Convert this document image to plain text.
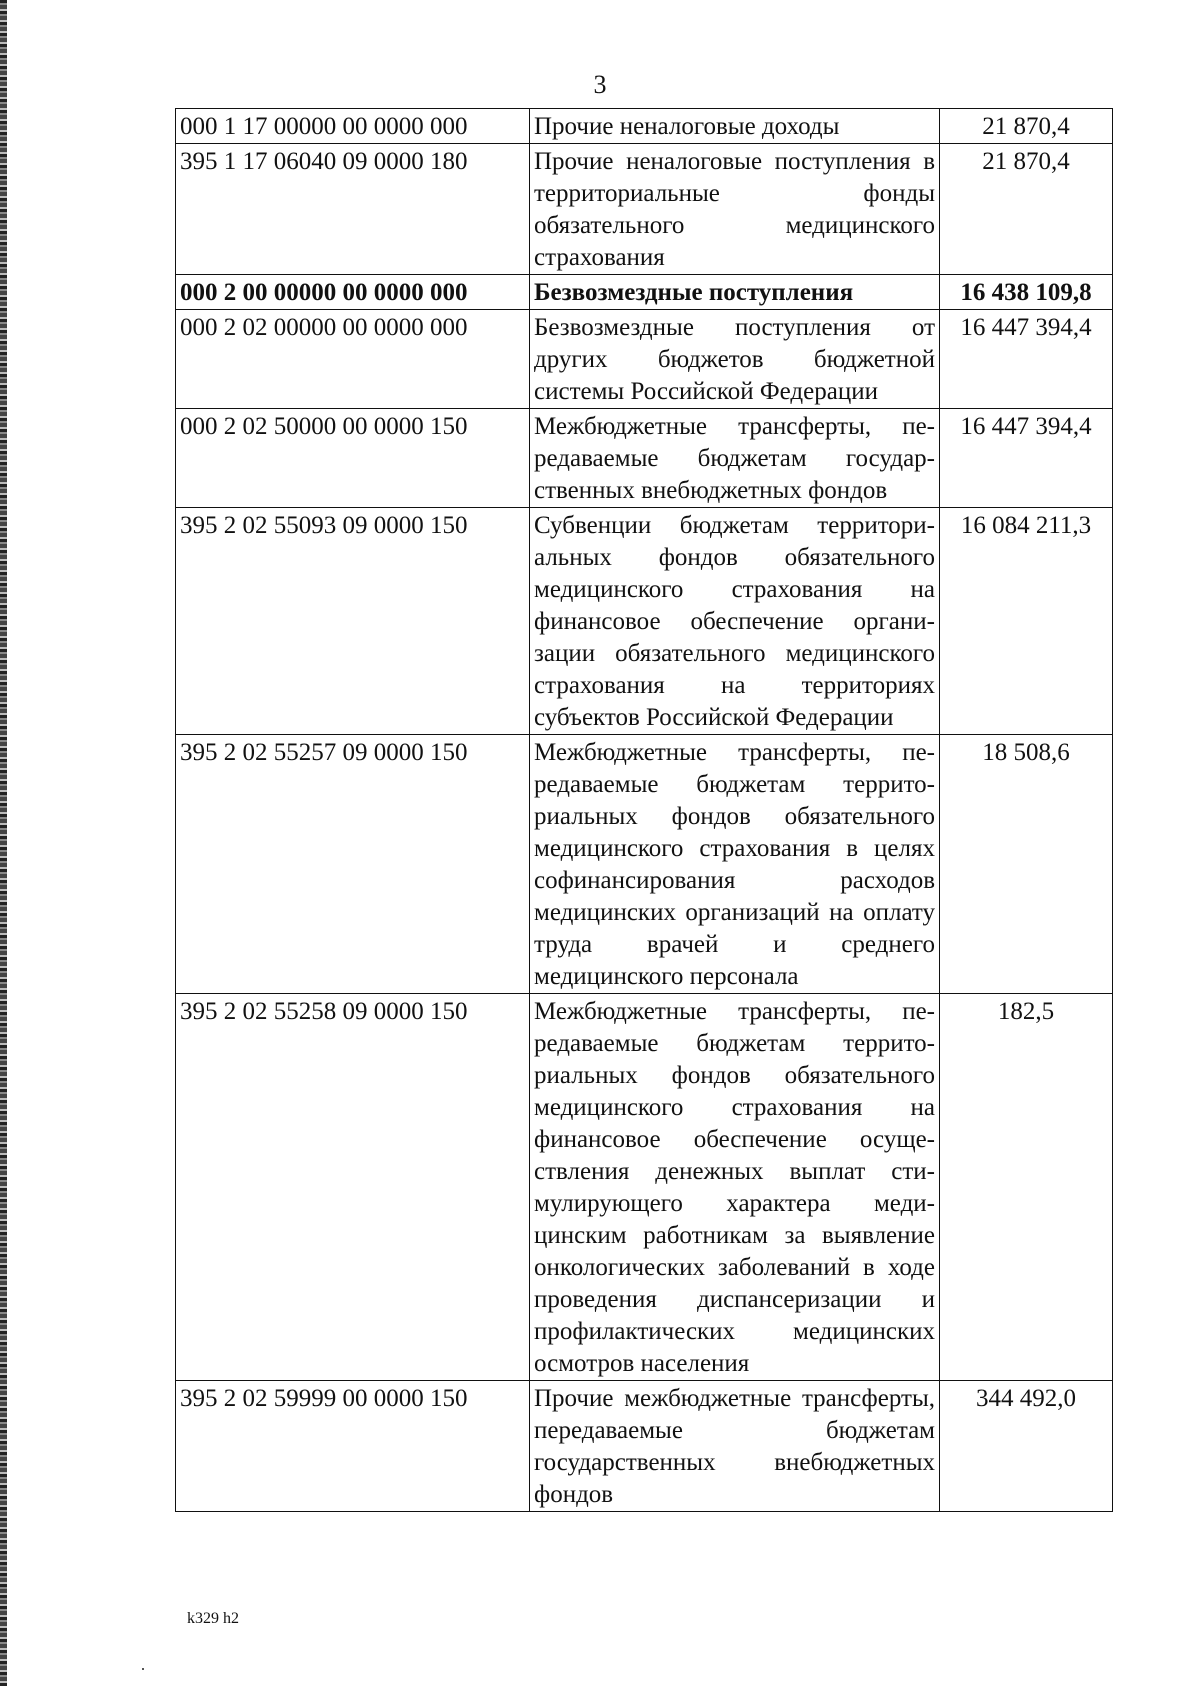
3
000 1 17 00000 00 0000 000	Прочие неналоговые доходы	21 870,4
395 1 17 06040 09 0000 180	Прочие неналоговые поступления в территориальные фонды обязательного медицинского страхования	21 870,4
000 2 00 00000 00 0000 000	Безвозмездные поступления	16 438 109,8
000 2 02 00000 00 0000 000	Безвозмездные поступления от других бюджетов бюджетной системы Российской Федерации	16 447 394,4
000 2 02 50000 00 0000 150	Межбюджетные трансферты, передаваемые бюджетам государственных внебюджетных фондов	16 447 394,4
395 2 02 55093 09 0000 150	Субвенции бюджетам территориальных фондов обязательного медицинского страхования на финансовое обеспечение организации обязательного медицинского страхования на территориях субъектов Российской Федерации	16 084 211,3
395 2 02 55257 09 0000 150	Межбюджетные трансферты, передаваемые бюджетам территориальных фондов обязательного медицинского страхования в целях софинансирования расходов медицинских организаций на оплату труда врачей и среднего медицинского персонала	18 508,6
395 2 02 55258 09 0000 150	Межбюджетные трансферты, передаваемые бюджетам территориальных фондов обязательного медицинского страхования на финансовое обеспечение осуществления денежных выплат стимулирующего характера медицинским работникам за выявление онкологических заболеваний в ходе проведения диспансеризации и профилактических медицинских осмотров населения	182,5
395 2 02 59999 00 0000 150	Прочие межбюджетные трансферты, передаваемые бюджетам государственных внебюджетных фондов	344 492,0
k329 h2
